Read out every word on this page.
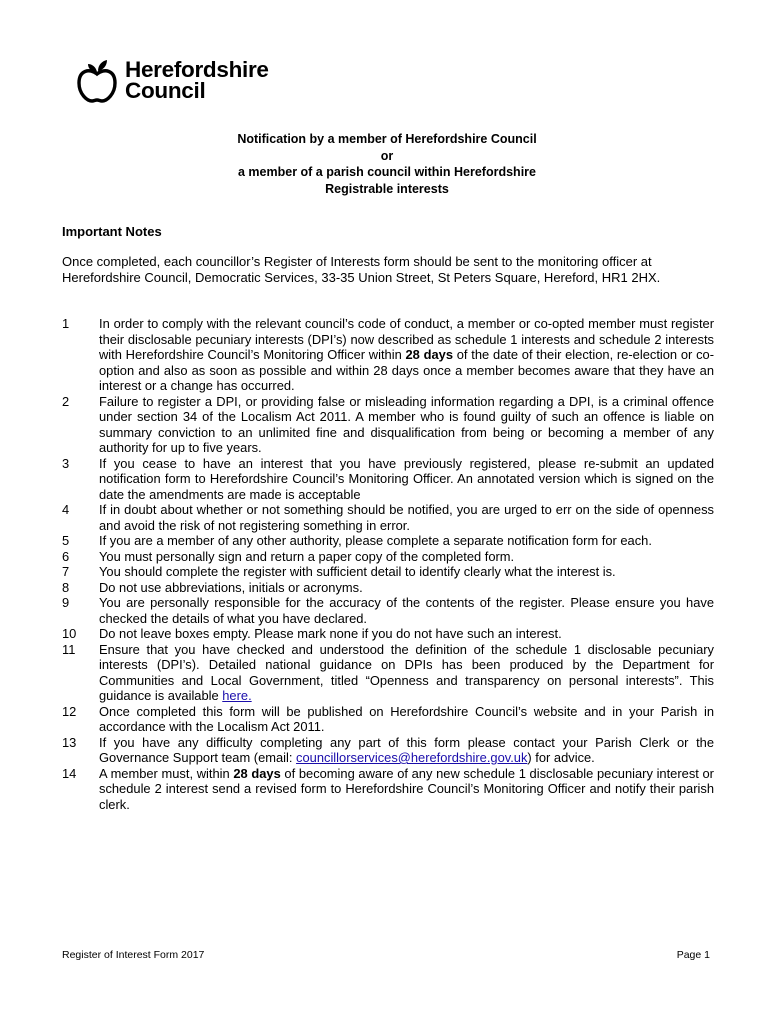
Herefordshire
Council
Notification by a member of Herefordshire Council
or
a member of a parish council within Herefordshire
Registrable interests
Important Notes
Once completed, each councillor’s Register of Interests form should be sent to the monitoring officer at Herefordshire Council, Democratic Services, 33-35 Union Street, St Peters Square, Hereford, HR1 2HX.
1	In order to comply with the relevant council’s code of conduct, a member or co-opted member must register their disclosable pecuniary interests (DPI’s) now described as schedule 1 interests and schedule 2 interests with Herefordshire Council’s Monitoring Officer within 28 days of the date of their election, re-election or co-option and also as soon as possible and within 28 days once a member becomes aware that they have an interest or a change has occurred.
2	Failure to register a DPI, or providing false or misleading information regarding a DPI, is a criminal offence under section 34 of the Localism Act 2011. A member who is found guilty of such an offence is liable on summary conviction to an unlimited fine and disqualification from being or becoming a member of any authority for up to five years.
3	If you cease to have an interest that you have previously registered, please re-submit an updated notification form to Herefordshire Council’s Monitoring Officer. An annotated version which is signed on the date the amendments are made is acceptable
4	If in doubt about whether or not something should be notified, you are urged to err on the side of openness and avoid the risk of not registering something in error.
5	If you are a member of any other authority, please complete a separate notification form for each.
6	You must personally sign and return a paper copy of the completed form.
7	You should complete the register with sufficient detail to identify clearly what the interest is.
8	Do not use abbreviations, initials or acronyms.
9	You are personally responsible for the accuracy of the contents of the register. Please ensure you have checked the details of what you have declared.
10	Do not leave boxes empty. Please mark none if you do not have such an interest.
11	Ensure that you have checked and understood the definition of the schedule 1 disclosable pecuniary interests (DPI’s). Detailed national guidance on DPIs has been produced by the Department for Communities and Local Government, titled “Openness and transparency on personal interests”. This guidance is available here.
12	Once completed this form will be published on Herefordshire Council’s website and in your Parish in accordance with the Localism Act 2011.
13	If you have any difficulty completing any part of this form please contact your Parish Clerk or the Governance Support team (email: councillorservices@herefordshire.gov.uk) for advice.
14	A member must, within 28 days of becoming aware of any new schedule 1 disclosable pecuniary interest or schedule 2 interest send a revised form to Herefordshire Council’s Monitoring Officer and notify their parish clerk.
Register of Interest Form 2017	Page 1
